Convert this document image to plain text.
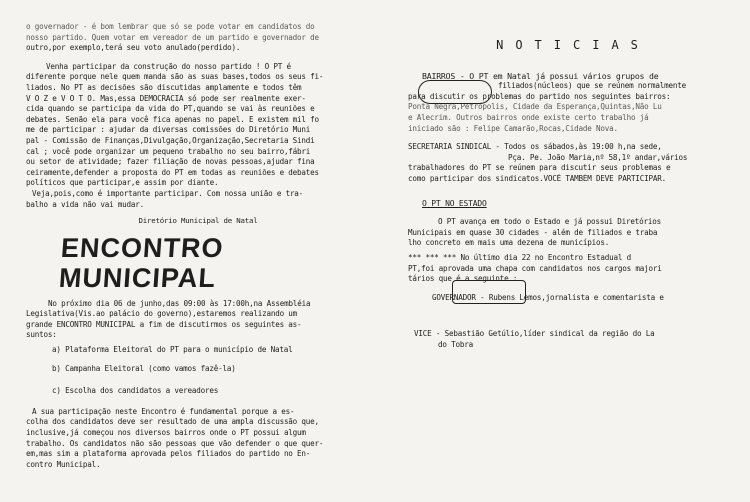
o governador - é bom lembrar que só se pode votar em candidatos do
nosso partido. Quem votar em vereador de um partido e governador de
outro,por exemplo,terá seu voto anulado(perdido).
Venha participar da construção do nosso partido ! O PT é
diferente porque nele quem manda são as suas bases,todos os seus fi-
liados. No PT as decisões são discutidas amplamente e todos têm
V O Z e V O T O. Mas,essa DEMOCRACIA só pode ser realmente exer-
cida quando se participa da vida do PT,quando se vai às reuniões e
debates. Senão ela para você fica apenas no papel. E existem mil fo
me de participar : ajudar da diversas comissões do Diretório Muni
pal - Comissão de Finanças,Divulgação,Organização,Secretaria Sindi
cal ; você pode organizar um pequeno trabalho no seu bairro,fábri
ou setor de atividade; fazer filiação de novas pessoas,ajudar fina
ceiramente,defender a proposta do PT em todas as reuniões e debates
políticos que participar,e assim por diante.
Veja,pois,como é importante participar. Com nossa união e tra-
balho a vida não vai mudar.
Diretório Municipal de Natal
ENCONTRO MUNICIPAL
No próximo dia 06 de junho,das 09:00 às 17:00h,na Assembléia
Legislativa(Vis.ao palácio do governo),estaremos realizando um
grande ENCONTRO MUNICIPAL a fim de discutirmos os seguintes as-
suntos:
a) Plataforma Eleitoral do PT para o município de Natal
b) Campanha Eleitoral (como vamos fazê-la)
c) Escolha dos candidatos a vereadores
A sua participação neste Encontro é fundamental porque a es-
colha dos candidatos deve ser resultado de uma ampla discussão que,
inclusive,já começou nos diversos bairros onde o PT possui algum
trabalho. Os candidatos não são pessoas que vão defender o que quer-
em,mas sim a plataforma aprovada pelos filiados do partido no En-
contro Municipal.
NOTICIAS
BAIRROS - O PT em Natal já possui vários grupos de
filiados(núcleos) que se reúnem normalmente
para discutir os problemas do partido nos seguintes bairros:
Ponta Negra,Petrópolis, Cidade da Esperança,Quintas,Não Lu
e Alecrim. Outros bairros onde existe certo trabalho já
iniciado são : Felipe Camarão,Rocas,Cidade Nova.
SECRETARIA SINDICAL - Todos os sábados,às 19:00 h,na sede,
Pça. Pe. João Maria,nº 58,1º andar,vários
trabalhadores do PT se reúnem para discutir seus problemas e
como participar dos sindicatos.VOCÊ TAMBÉM DEVE PARTICIPAR.
O PT NO ESTADO
O PT avança em todo o Estado e já possui Diretórios
Municipais em quase 30 cidades - além de filiados e traba
lho concreto em mais uma dezena de municípios.
*** *** *** No último dia 22 no Encontro Estadual d
PT,foi aprovada uma chapa com candidatos nos cargos majori
tários que é a seguinte :
GOVERNADOR - Rubens Lemos,jornalista e comentarista e
VICE - Sebastião Getúlio,líder sindical da região do La
do Tobra
